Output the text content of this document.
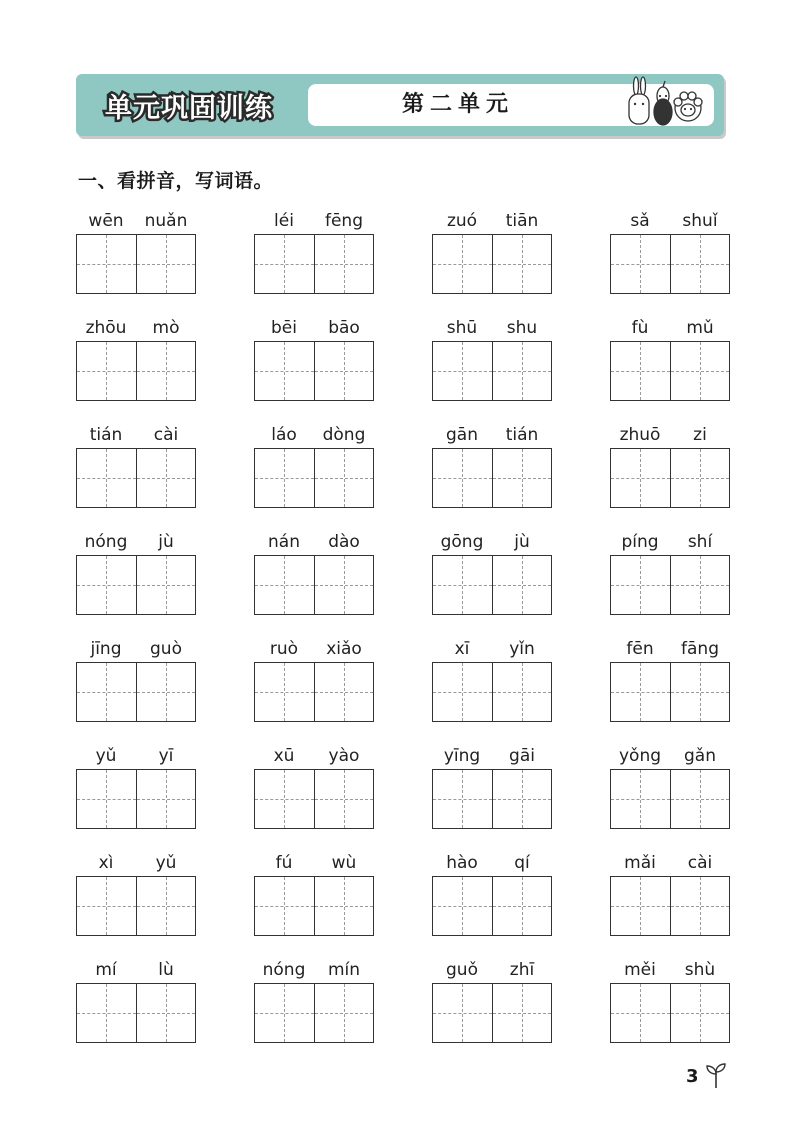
单元巩固训练	第二单元
一、看拼音，写词语。
wēn	nuǎn	léi	fēng	zuó	tiān	sǎ	shuǐ
zhōu	mò	bēi	bāo	shū	shu	fù	mǔ
tián	cài	láo	dòng	gān	tián	zhuō	zi
nóng	jù	nán	dào	gōng	jù	píng	shí
jīng	guò	ruò	xiǎo	xī	yǐn	fēn	fāng
yǔ	yī	xū	yào	yīng	gāi	yǒng	gǎn
xì	yǔ	fú	wù	hào	qí	mǎi	cài
mí	lù	nóng	mín	guǒ	zhī	měi	shù
3
